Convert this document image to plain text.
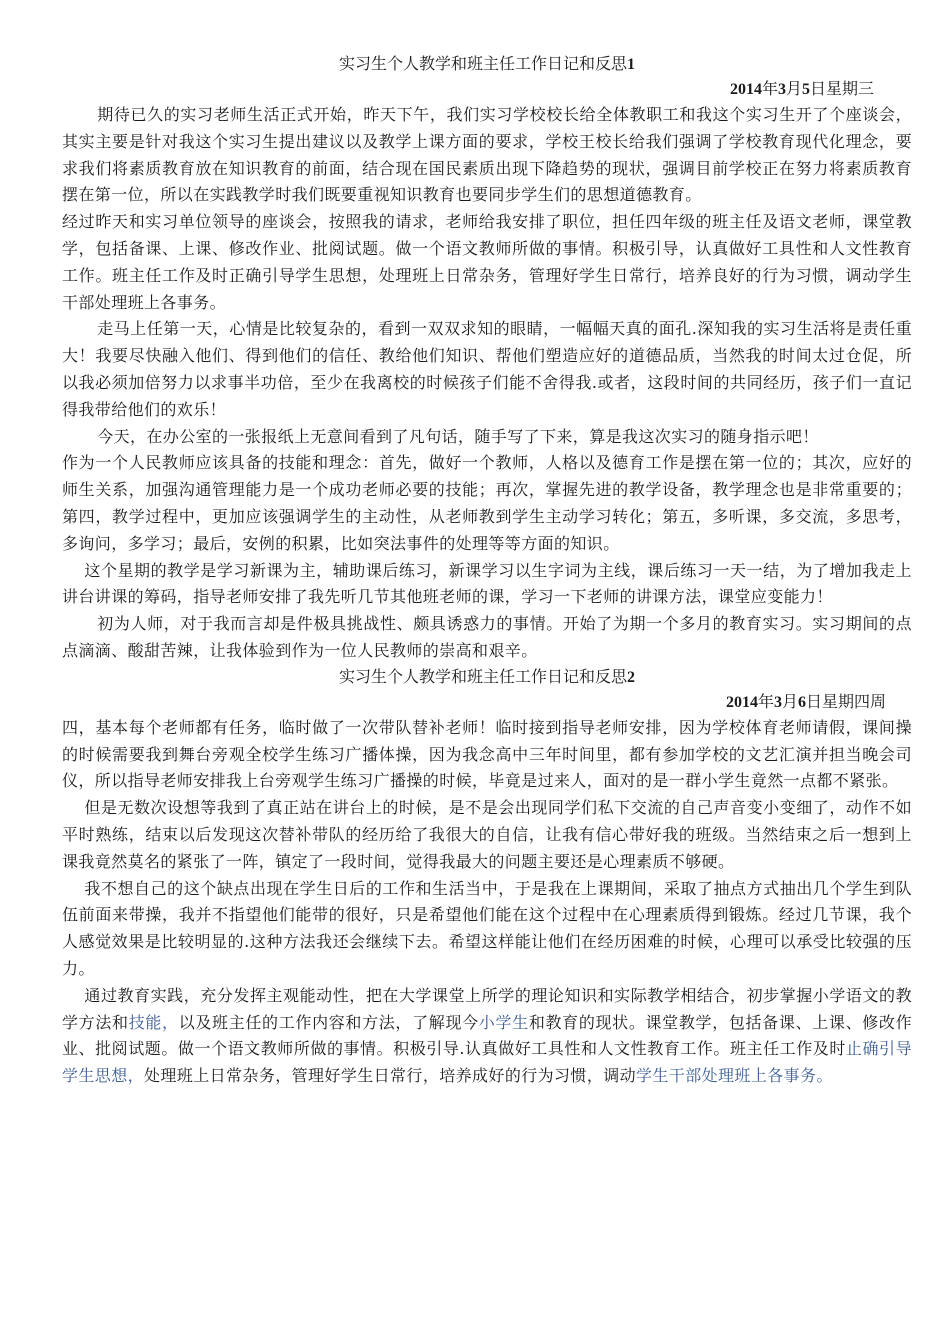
实习生个人教学和班主任工作日记和反思1
2014年3月5日星期三

期待已久的实习老师生活正式开始，昨天下午，我们实习学校校长给全体教职工和我这个实习生开了个座谈会，其实主要是针对我这个实习生提出建议以及教学上课方面的要求，学校王校长给我们强调了学校教育现代化理念，要求我们将素质教育放在知识教育的前面，结合现在国民素质出现下降趋势的现状，强调目前学校正在努力将素质教育摆在第一位，所以在实践教学时我们既要重视知识教育也要同步学生们的思想道德教育。

经过昨天和实习单位领导的座谈会，按照我的请求，老师给我安排了职位，担任四年级的班主任及语文老师，课堂教学，包括备课、上课、修改作业、批阅试题。做一个语文教师所做的事情。积极引导，认真做好工具性和人文性教育工作。班主任工作及时正确引导学生思想，处理班上日常杂务，管理好学生日常行，培养良好的行为习惯，调动学生干部处理班上各事务。

走马上任第一天，心情是比较复杂的，看到一双双求知的眼睛，一幅幅天真的面孔.深知我的实习生活将是责任重大！我要尽快融入他们、得到他们的信任、教给他们知识、帮他们塑造应好的道德品质，当然我的时间太过仓促，所以我必须加倍努力以求事半功倍，至少在我离校的时候孩子们能不舍得我.或者，这段时间的共同经历，孩子们一直记得我带给他们的欢乐！

今天，在办公室的一张报纸上无意间看到了凡句话，随手写了下来，算是我这次实习的随身指示吧！

作为一个人民教师应该具备的技能和理念：首先，做好一个教师，人格以及德育工作是摆在第一位的；其次，应好的师生关系，加强沟通管理能力是一个成功老师必要的技能；再次，掌握先进的教学设备，教学理念也是非常重要的；第四，教学过程中，更加应该强调学生的主动性，从老师教到学生主动学习转化；第五，多听课，多交流，多思考，多询问，多学习；最后，安例的积累，比如突法事件的处理等等方面的知识。

这个星期的教学是学习新课为主，辅助课后练习，新课学习以生字词为主线，课后练习一天一结，为了增加我走上讲台讲课的筹码，指导老师安排了我先听几节其他班老师的课，学习一下老师的讲课方法，课堂应变能力！

初为人师，对于我而言却是件极具挑战性、颇具诱惑力的事情。开始了为期一个多月的教育实习。实习期间的点点滴滴、酸甜苦辣，让我体验到作为一位人民教师的崇高和艰辛。

实习生个人教学和班主任工作日记和反思2
2014年3月6日星期四周

四，基本每个老师都有任务，临时做了一次带队替补老师！临时接到指导老师安排，因为学校体育老师请假，课间操的时候需要我到舞台旁观全校学生练习广播体操，因为我念高中三年时间里，都有参加学校的文艺汇演并担当晚会司仪，所以指导老师安排我上台旁观学生练习广播操的时候，毕竟是过来人，面对的是一群小学生竟然一点都不紧张。

但是无数次设想等我到了真正站在讲台上的时候，是不是会出现同学们私下交流的自己声音变小变细了，动作不如平时熟练，结束以后发现这次替补带队的经历给了我很大的自信，让我有信心带好我的班级。当然结束之后一想到上课我竟然莫名的紧张了一阵，镇定了一段时间，觉得我最大的问题主要还是心理素质不够硬。

我不想自己的这个缺点出现在学生日后的工作和生活当中，于是我在上课期间，采取了抽点方式抽出几个学生到队伍前面来带操，我并不指望他们能带的很好，只是希望他们能在这个过程中在心理素质得到锻炼。经过几节课，我个人感觉效果是比较明显的.这种方法我还会继续下去。希望这样能让他们在经历困难的时候，心理可以承受比较强的压力。

通过教育实践，充分发挥主观能动性，把在大学课堂上所学的理论知识和实际教学相结合，初步掌握小学语文的教学方法和技能，以及班主任的工作内容和方法，了解现今小学生和教育的现状。课堂教学，包括备课、上课、修改作业、批阅试题。做一个语文教师所做的事情。积极引导.认真做好工具性和人文性教育工作。班主任工作及时止确引导学生思想，处理班上日常杂务，管理好学生日常行，培养成好的行为习惯，调动学生干部处理班上各事务。
